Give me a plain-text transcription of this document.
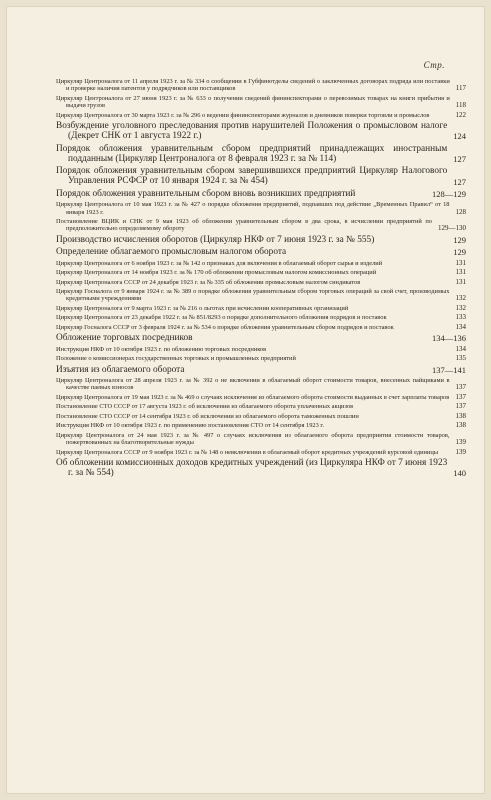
Стр.
Циркуляр Центроналога от 11 апреля 1923 г. за № 334 о сообщении в Губфинотделы сведений о заключенных договорах подряда или поставки и проверке наличия патентов у подрядчиков или поставщиков	117
Циркуляр Центроналога от 27 июня 1923 г. за № 633 о получении сведений фининспекторами о перевозимых товарах на книги прибытия и выдачи грузов	118
Циркуляр Центроналога от 30 марта 1923 г. за № 296 о ведении фининспекторами журналов и дневников поверки торговли и промыслов	122
Возбуждение уголовного преследования против нарушителей Положения о промысловом налоге (Декрет СНК от 1 августа 1922 г.)	124
Порядок обложения уравнительным сбором предприятий принадлежащих иностранным подданным (Циркуляр Центроналога от 8 февраля 1923 г. за № 114)	127
Порядок обложения уравнительным сбором завершившихся предприятий Циркуляр Налогового Управления РСФСР от 10 января 1924 г. за № 454)	127
Порядок обложения уравнительным сбором вновь возникших предприятий	128—129
Циркуляр Центроналога от 10 мая 1923 г. за № 427 о порядке обложения предприятий, подпавших под действие „Временных Правил“ от 18 января 1923 г.	128
Постановление ВЦИК и СНК от 9 мая 1923 об обложении уравнительным сбором в два срока, в исчислении предприятий по предположительно определяемому обороту	129—130
Производство исчисления оборотов (Циркуляр НКФ от 7 июня 1923 г. за № 555)	129
Определение облагаемого промысловым налогом оборота	129
Циркуляр Центроналога от 6 ноября 1923 г. за № 142 о признаках для включения в облагаемый оборот сырья и изделий	131
Циркуляр Центроналога от 14 ноября 1923 г. за № 170 об обложении промысловым налогом комиссионных операций	131
Циркуляр Центроналога СССР от 24 декабря 1923 г. за № 335 об обложении промысловым налогом синдикатов	131
Циркуляр Госналога от 9 января 1924 г. за № 389 о порядке обложения уравнительным сбором торговых операций за свой счет, производимых кредитными учреждениями	132
Циркуляр Центроналога от 9 марта 1923 г. за № 216 о льготах при исчислении кооперативных организаций	132
Циркуляр Центроналога от 23 декабря 1922 г. за № 851/8293 о порядке дополнительного обложения подрядов и поставок	133
Циркуляр Госналога СССР от 3 февраля 1924 г. за № 534 о порядке обложения уравнительным сбором подрядов и поставок	134
Обложение торговых посредников	134—136
Инструкция НКФ от 10 октября 1923 г. по обложению торговых посредников	134
Положение о комиссионерах государственных торговых и промышленных предприятий	135
Изъятия из облагаемого оборота	137—141
Циркуляр Центроналога от 28 апреля 1923 г. за № 392 о не включении в облагаемый оборот стоимости товаров, внесенных пайщиками в качестве паевых взносов	137
Циркуляр Центроналога от 19 мая 1923 г. за № 469 о случаях исключения из облагаемого оборота стоимости выданных в счет зарплаты товаров 137
Постановление СТО СССР от 17 августа 1923 г. об исключении из облагаемого оборота уплаченных акцизов	137
Постановление СТО СССР от 14 сентября 1923 г. об исключении из облагаемого оборота таможенных пошлин	138
Инструкция НКФ от 10 октября 1923 г. по применению постановления СТО от 14 сентября 1923 г.	138
Циркуляр Центроналога от 24 мая 1923 г. за № 497 о случаях исключения из облагаемого оборота предприятия стоимости товаров, пожертвованных на благотворительные нужды	139
Циркуляр Центроналога СССР от 9 ноября 1923 г. за № 148 о невключении в облагаемый оборот кредитных учреждений курсовой единицы	139
Об обложении комиссионных доходов кредитных учреждений (из Циркуляра НКФ от 7 июня 1923 г. за № 554)	140
